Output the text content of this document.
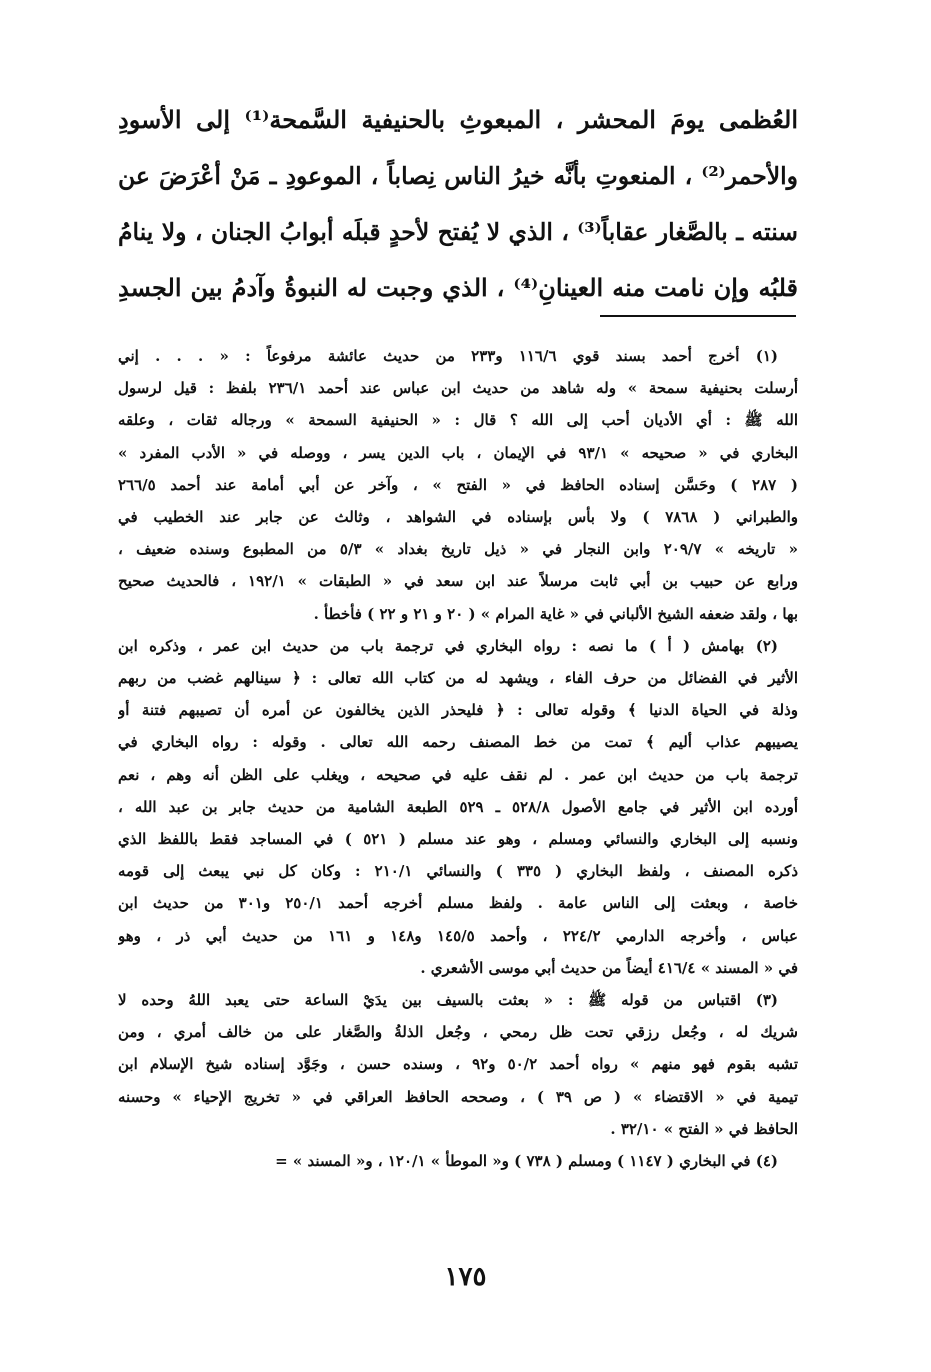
العُظمى يومَ المحشر ، المبعوثِ بالحنيفية السَّمحة⁽¹⁾ إلى الأسودِ
والأحمر⁽²⁾ ، المنعوتِ بأنَّه خيرُ الناس نِصاباً ، الموعودِ ـ مَنْ أعْرَضَ عن
سنته ـ بالصَّغار عقاباً⁽³⁾ ، الذي لا يُفتح لأحدٍ قبلَه أبوابُ الجنان ، ولا ينامُ
قلبُه وإن نامت منه العينانِ⁽⁴⁾ ، الذي وجبت له النبوةُ وآدمُ بين الجسدِ
(١) أخرج أحمد بسند قوي ١١٦/٦ و٢٣٣ من حديث عائشة مرفوعاً : « . . . إني
أرسلت بحنيفية سمحة » وله شاهد من حديث ابن عباس عند أحمد ٢٣٦/١ بلفظ : قيل لرسول
الله ﷺ : أي الأديان أحب إلى الله ؟ قال : « الحنيفية السمحة » ورجاله ثقات ، وعلقه
البخاري في « صحيحه » ٩٣/١ في الإيمان ، باب الدين يسر ، ووصله في « الأدب المفرد »
( ٢٨٧ ) وحَسَّن إسناده الحافظ في « الفتح » ، وآخر عن أبي أمامة عند أحمد ٢٦٦/٥
والطبراني ( ٧٨٦٨ ) ولا بأس بإسناده في الشواهد ، وثالث عن جابر عند الخطيب في
« تاريخه » ٢٠٩/٧ وابن النجار في « ذيل تاريخ بغداد » ٥/٣ من المطبوع وسنده ضعيف ،
ورابع عن حبيب بن أبي ثابت مرسلاً عند ابن سعد في « الطبقات » ١٩٢/١ ، فالحديث صحيح
بها ، ولقد ضعفه الشيخ الألباني في « غاية المرام » ( ٢٠ و ٢١ و ٢٢ ) فأخطأ .
(٢) بهامش ( أ ) ما نصه : رواه البخاري في ترجمة باب من حديث ابن عمر ، وذكره ابن
الأثير في الفضائل من حرف الفاء ، ويشهد له من كتاب الله تعالى : ﴿ سينالهم غضب من ربهم
وذلة في الحياة الدنيا ﴾ وقوله تعالى : ﴿ فليحذر الذين يخالفون عن أمره أن تصيبهم فتنة أو
يصيبهم عذاب أليم ﴾ تمت من خط المصنف رحمه الله تعالى . وقوله : رواه البخاري في
ترجمة باب من حديث ابن عمر . لم نقف عليه في صحيحه ، ويغلب على الظن أنه وهم ، نعم
أورده ابن الأثير في جامع الأصول ٥٢٨/٨ ـ ٥٢٩ الطبعة الشامية من حديث جابر بن عبد الله ،
ونسبه إلى البخاري والنسائي ومسلم ، وهو عند مسلم ( ٥٢١ ) في المساجد فقط باللفظ الذي
ذكره المصنف ، ولفظ البخاري ( ٣٣٥ ) والنسائي ٢١٠/١ : وكان كل نبي يبعث إلى قومه
خاصة ، وبعثت إلى الناس عامة . ولفظ مسلم أخرجه أحمد ٢٥٠/١ و٣٠١ من حديث ابن
عباس ، وأخرجه الدارمي ٢٢٤/٢ ، وأحمد ١٤٥/٥ و١٤٨ و ١٦١ من حديث أبي ذر ، وهو
في « المسند » ٤١٦/٤ أيضاً من حديث أبي موسى الأشعري .
(٣) اقتباس من قوله ﷺ : « بعثت بالسيف بين يدَيْ الساعة حتى يعبد اللهُ وحده لا
شريك له ، وجُعل رزقي تحت ظل رمحي ، وجُعل الذلةُ والصَّغار على من خالف أمري ، ومن
تشبه بقوم فهو منهم » رواه أحمد ٥٠/٢ و٩٢ ، وسنده حسن ، وجَوَّد إسناده شيخ الإسلام ابن
تيمية في « الاقتضاء » ( ص ٣٩ ) ، وصححه الحافظ العراقي في « تخريج الإحياء » وحسنه
الحافظ في « الفتح » ٣٢/١٠ .
(٤) في البخاري ( ١١٤٧ ) ومسلم ( ٧٣٨ ) و« الموطأ » ١٢٠/١ ، و« المسند » =
١٧٥
